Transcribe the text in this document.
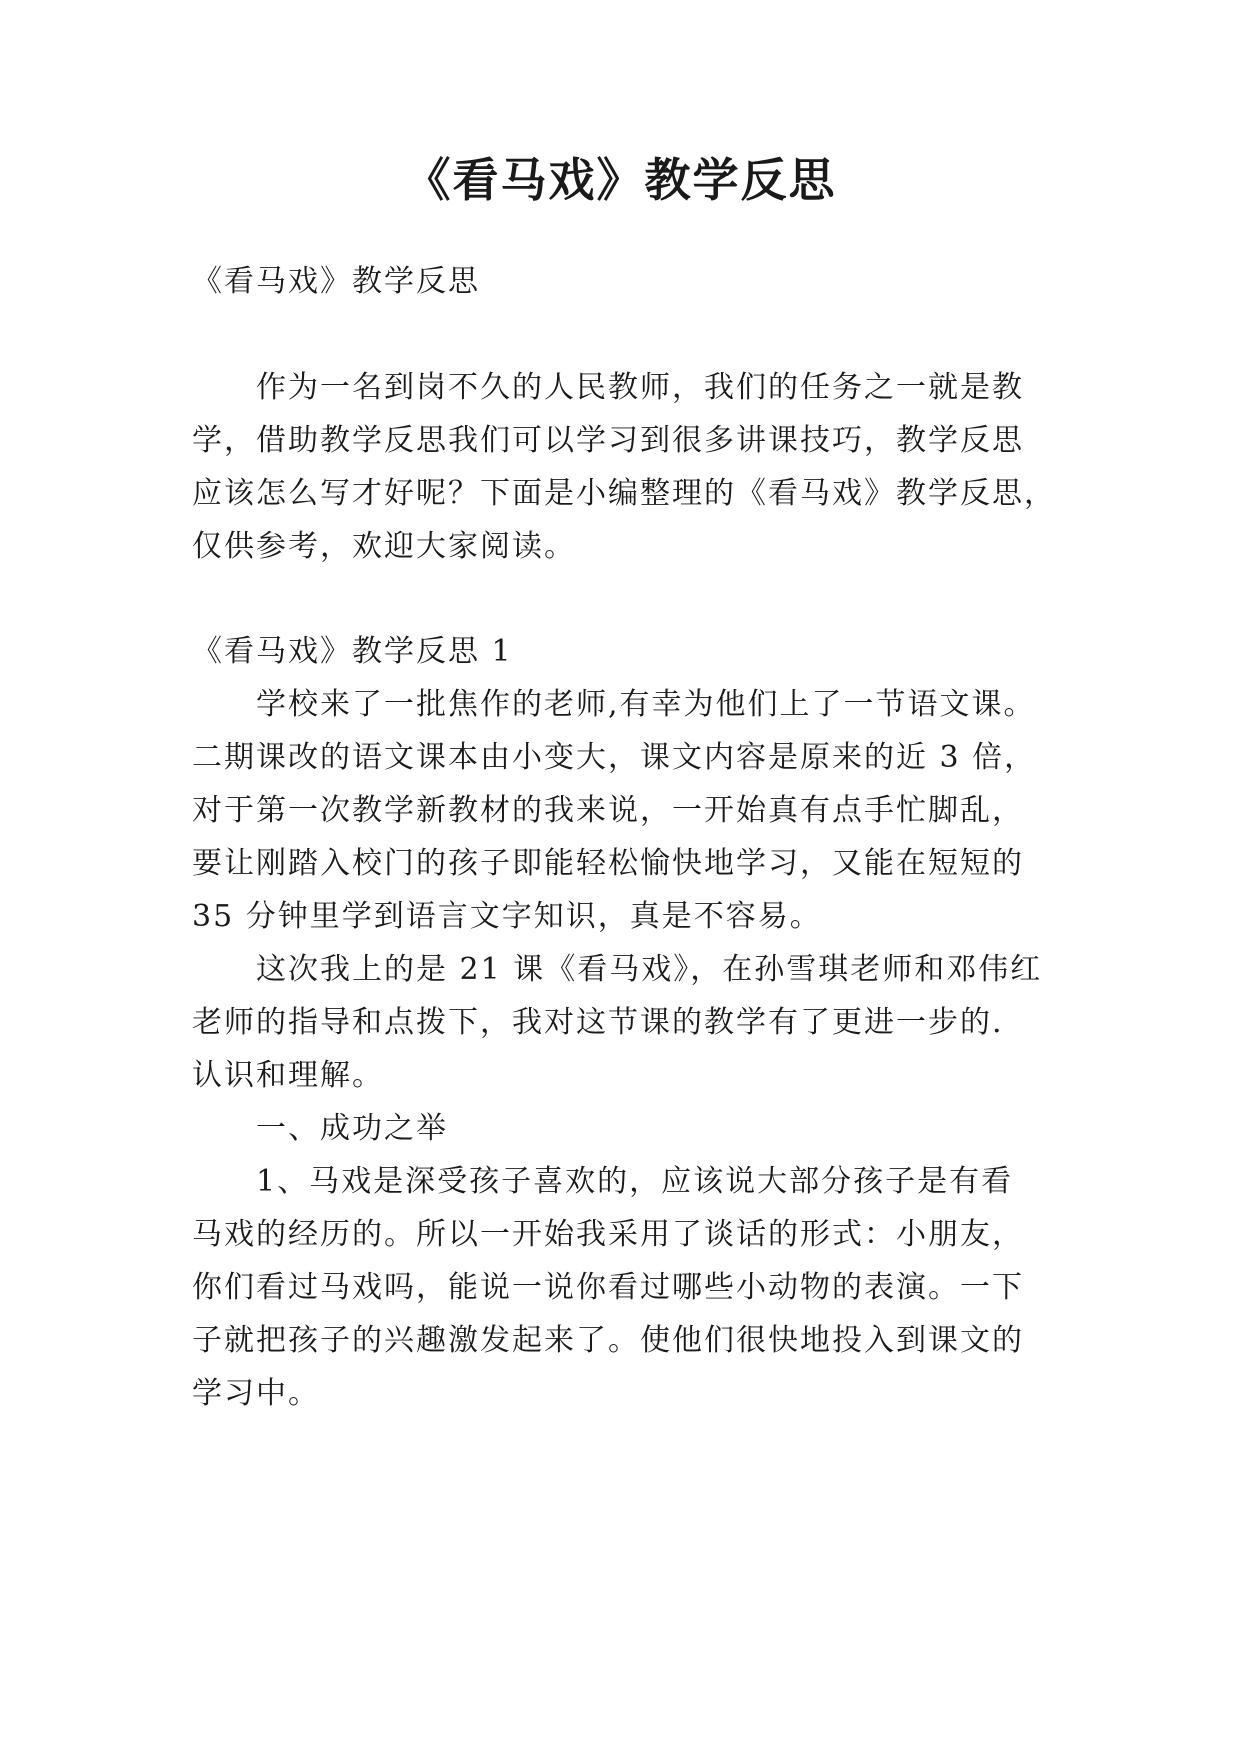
《看马戏》教学反思
《看马戏》教学反思
作为一名到岗不久的人民教师，我们的任务之一就是教
学，借助教学反思我们可以学习到很多讲课技巧，教学反思
应该怎么写才好呢？下面是小编整理的《看马戏》教学反思，
仅供参考，欢迎大家阅读。
《看马戏》教学反思 1
学校来了一批焦作的老师,有幸为他们上了一节语文课。
二期课改的语文课本由小变大，课文内容是原来的近 3 倍，
对于第一次教学新教材的我来说，一开始真有点手忙脚乱，
要让刚踏入校门的孩子即能轻松愉快地学习，又能在短短的
35 分钟里学到语言文字知识，真是不容易。
这次我上的是 21 课《看马戏》，在孙雪琪老师和邓伟红
老师的指导和点拨下，我对这节课的教学有了更进一步的.
认识和理解。
一、成功之举
1、马戏是深受孩子喜欢的，应该说大部分孩子是有看
马戏的经历的。所以一开始我采用了谈话的形式：小朋友，
你们看过马戏吗，能说一说你看过哪些小动物的表演。一下
子就把孩子的兴趣激发起来了。使他们很快地投入到课文的
学习中。
